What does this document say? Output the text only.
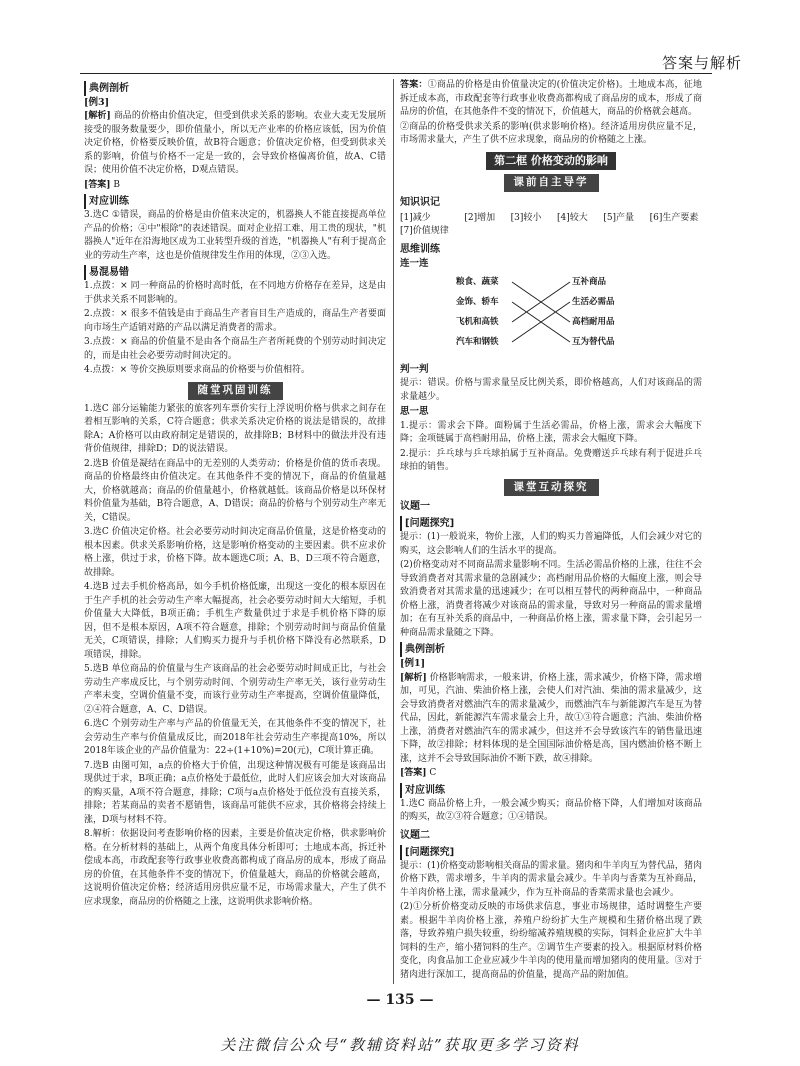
答案与解析
典例剖析
[例3]

[解析] 商品的价格由价值决定，但受到供求关系的影响。农业大麦无发展所接受的服务数量要少，即价值量小，所以无产业率的价格应该低，因为价值决定价格，价格要反映价值，故B符合题意；价值决定价格，但受到供求关系的影响，价值与价格不一定是一致的，会导致价格偏离价值，故A、C错误；使用价值不决定价格，D观点错误。

[答案] B

对应训练

3.选C ①错误，商品的价格是由价值来决定的，机器换人不能直接提高单位产品的价格；④中"根除"的表述错误。面对企业招工难、用工贵的现状，"机器换人"近年在沿海地区成为工业转型升级的首选，"机器换人"有利于提高企业的劳动生产率，这也是价值规律发生作用的体现，②③入选。

易混易错

1.点拨：× 同一种商品的价格时高时低，在不同地方价格存在差异，这是由于供求关系不同影响的。

2.点拨：× 很多不值钱是由于商品生产者盲目生产造成的，商品生产者要面向市场生产适销对路的产品以满足消费者的需求。

3.点拨：× 商品的价值量不是由各个商品生产者所耗费的个别劳动时间决定的，而是由社会必要劳动时间决定的。

4.点拨：× 等价交换原则要求商品的价格要与价值相符。

随堂巩固训练

1.选C 部分运输能力紧张的旅客列车票价实行上浮说明价格与供求之间存在着相互影响的关系，C符合题意；供求关系决定价格的说法是错误的，故排除A；A价格可以由政府制定是错误的，故排除B；B材料中的做法并没有违背价值规律，排除D；D的说法错误。

2.选B 价值是凝结在商品中的无差别的人类劳动；价格是价值的货币表现。商品的价格最终由价值决定。在其他条件不变的情况下，商品的价值量越大，价格就越高；商品的价值量越小，价格就越低。该商品价格是以环保材料价值量为基础，B符合题意，A、D错误；商品的价格与个别劳动生产率无关，C错误。

3.选C 价值决定价格。社会必要劳动时间决定商品价值量，这是价格变动的根本因素。供求关系影响价格，这是影响价格变动的主要因素。供不应求价格上涨，供过于求，价格下降。故本题选C项；A、B、D三项不符合题意，故排除。

4.选B 过去手机价格高昂，如今手机价格低廉，出现这一变化的根本原因在于生产手机的社会劳动生产率大幅提高，社会必要劳动时间大大缩短，手机价值量大大降低，B项正确；手机生产数量供过于求是手机价格下降的原因，但不是根本原因，A项不符合题意，排除；个别劳动时间与商品价值量无关，C项错误，排除；人们购买力提升与手机价格下降没有必然联系，D项错误，排除。

5.选B 单位商品的价值量与生产该商品的社会必要劳动时间成正比，与社会劳动生产率成反比，与个别劳动时间、个别劳动生产率无关，该行业劳动生产率未变，空调价值量不变，而该行业劳动生产率提高，空调价值量降低，②④符合题意，A、C、D错误。

6.选C 个别劳动生产率与产品的价值量无关，在其他条件不变的情况下，社会劳动生产率与价值量成反比，而2018年社会劳动生产率提高10%，所以2018年该企业的产品价值量为：22÷(1+10%)=20(元)，C项计算正确。

7.选B 由图可知，a点的价格大于价值，出现这种情况极有可能是该商品出现供过于求，B项正确；a点价格处于最低位，此时人们应该会加大对该商品的购买量，A项不符合题意，排除；C项与a点价格处于低位没有直接关系，排除；若某商品的卖者不愿销售，该商品可能供不应求，其价格将会持续上涨，D项与材料不符。

8.解析：依据设问考查影响价格的因素，主要是价值决定价格，供求影响价格。在分析材料的基础上，从两个角度具体分析即可；土地成本高，拆迁补偿成本高，市政配套等行政事业收费高都构成了商品房的成本，形成了商品房的价值，在其他条件不变的情况下，价值量越大，商品的价格就会越高，这说明价值决定价格；经济适用房供应量不足，市场需求量大，产生了供不应求现象，商品房的价格随之上涨，这说明供求影响价格。

答案：①商品的价格是由价值量决定的(价值决定价格)。土地成本高，征地拆迁成本高，市政配套等行政事业收费高都构成了商品房的成本，形成了商品房的价值，在其他条件不变的情况下，价值越大，商品的价格就会越高。

②商品的价格受供求关系的影响(供求影响价格)。经济适用房供应量不足，市场需求量大，产生了供不应求现象，商品房的价格随之上涨。

第二框 价格变动的影响
课前自主导学
知识识记
[1]减少	[2]增加	[3]较小	[4]较大	[5]产量	[6]生产要素
[7]价值规律
思维训练
连一连
粮食、蔬菜
金饰、轿车
飞机和高铁
汽车和钢铁
互补商品
生活必需品
高档耐用品
互为替代品
判一判

提示：错误。价格与需求量呈反比例关系，即价格越高，人们对该商品的需求量越少。

思一思

1.提示：需求会下降。面粉属于生活必需品，价格上涨，需求会大幅度下降；金项链属于高档耐用品，价格上涨，需求会大幅度下降。

2.提示：乒乓球与乒乓球拍属于互补商品。免费赠送乒乓球有利于促进乒乓球拍的销售。

课堂互动探究
议题一
[问题探究]

提示：(1)一般说来，物价上涨，人们的购买力普遍降低，人们会减少对它的购买，这会影响人们的生活水平的提高。

(2)价格变动对不同商品需求量影响不同。生活必需品价格的上涨，往往不会导致消费者对其需求量的急剧减少；高档耐用品价格的大幅度上涨，则会导致消费者对其需求量的迅速减少；在可以相互替代的两种商品中，一种商品价格上涨，消费者将减少对该商品的需求量，导致对另一种商品的需求量增加；在有互补关系的商品中，一种商品价格上涨，需求量下降，会引起另一种商品需求量随之下降。

典例剖析
[例1]

[解析] 价格影响需求，一般来讲，价格上涨，需求减少，价格下降，需求增加，可见，汽油、柴油价格上涨，会使人们对汽油、柴油的需求量减少，这会导致消费者对燃油汽车的需求量减少，而燃油汽车与新能源汽车是互为替代品，因此，新能源汽车需求量会上升，故①③符合题意；汽油、柴油价格上涨，消费者对燃油汽车的需求减少，但这并不会导致该汽车的销售量迅速下降，故②排除；材料体现的是全国国际油价格是高，国内燃油价格不断上涨，这并不会导致国际油价不断下跌，故④排除。

[答案] C

对应训练

1.选C 商品价格上升，一般会减少购买；商品价格下降，人们增加对该商品的购买，故②③符合题意；①④错误。

议题二
[问题探究]

提示：(1)价格变动影响相关商品的需求量。猪肉和牛羊肉互为替代品，猪肉价格下跌，需求增多，牛羊肉的需求量会减少。牛羊肉与香菜为互补商品，牛羊肉价格上涨，需求量减少，作为互补商品的香菜需求量也会减少。

(2)①分析价格变动反映的市场供求信息，事业市场规律，适时调整生产要素。根据牛羊肉价格上涨，养殖户纷纷扩大生产规模和生猪价格出现了跌落，导致养殖户损失较重，纷纷缩减养殖规模的实际，饲料企业应扩大牛羊饲料的生产，缩小猪饲料的生产。②调节生产要素的投入。根据原材料价格变化，肉食品加工企业应减少牛羊肉的使用量而增加猪肉的使用量。③对于猪肉进行深加工，提高商品的价值量，提高产品的附加值。

— 135 —
关注微信公众号“教辅资料站”获取更多学习资料
